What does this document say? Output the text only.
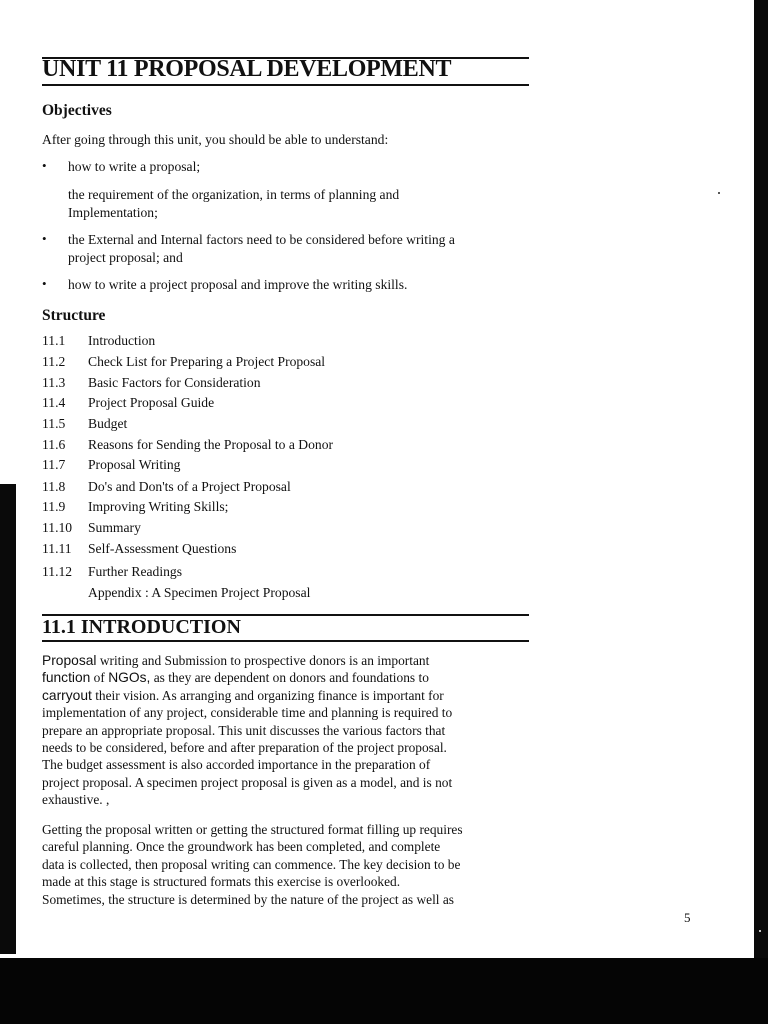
UNIT 11 PROPOSAL DEVELOPMENT
Objectives
After going through this unit, you should be able to understand:
• how to write a proposal;
the requirement of the organization, in terms of planning and
Implementation;
• the External and Internal factors need to be considered before writing a
project proposal; and
• how to write a project proposal and improve the writing skills.
Structure
11.1 Introduction
11.2 Check List for Preparing a Project Proposal
11.3 Basic Factors for Consideration
11.4 Project Proposal Guide
11.5 Budget
11.6 Reasons for Sending the Proposal to a Donor
11.7 Proposal Writing
11.8 Do's and Don'ts of a Project Proposal
11.9 Improving Writing Skills;
11.10 Summary
11.11 Self-Assessment Questions
11.12 Further Readings
Appendix : A Specimen Project Proposal
11.1 INTRODUCTION
Proposal writing and Submission to prospective donors is an important
function of NGOs, as they are dependent on donors and foundations to
carryout their vision. As arranging and organizing finance is important for
implementation of any project, considerable time and planning is required to
prepare an appropriate proposal. This unit discusses the various factors that
needs to be considered, before and after preparation of the project proposal.
The budget assessment is also accorded importance in the preparation of
project proposal. A specimen project proposal is given as a model, and is not
exhaustive. ,
Getting the proposal written or getting the structured format filling up requires
careful planning. Once the groundwork has been completed, and complete
data is collected, then proposal writing can commence. The key decision to be
made at this stage is structured formats this exercise is overlooked.
Sometimes, the structure is determined by the nature of the project as well as
5
